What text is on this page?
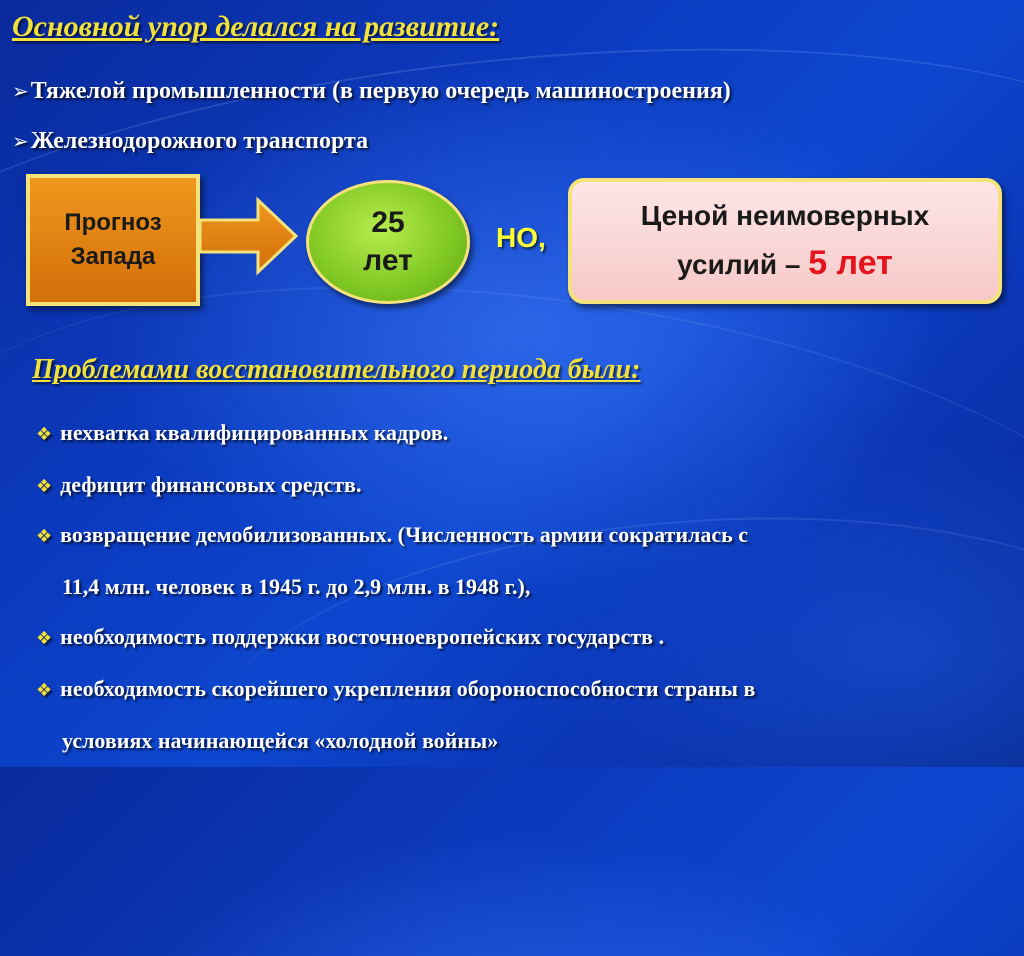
Основной упор делался на развитие:
➢Тяжелой промышленности (в первую очередь машиностроения)
➢Железнодорожного транспорта
Прогноз
Запада
25
лет
НО,
Ценой неимоверных
усилий – 5 лет
Проблемами восстановительного периода были:
❖ нехватка квалифицированных кадров.
❖ дефицит финансовых средств.
❖ возвращение демобилизованных. (Численность армии сократилась с
11,4 млн. человек в 1945 г. до 2,9 млн. в 1948 г.),
❖ необходимость поддержки восточноевропейских государств .
❖ необходимость скорейшего укрепления обороноспособности страны в
условиях начинающейся «холодной войны»
